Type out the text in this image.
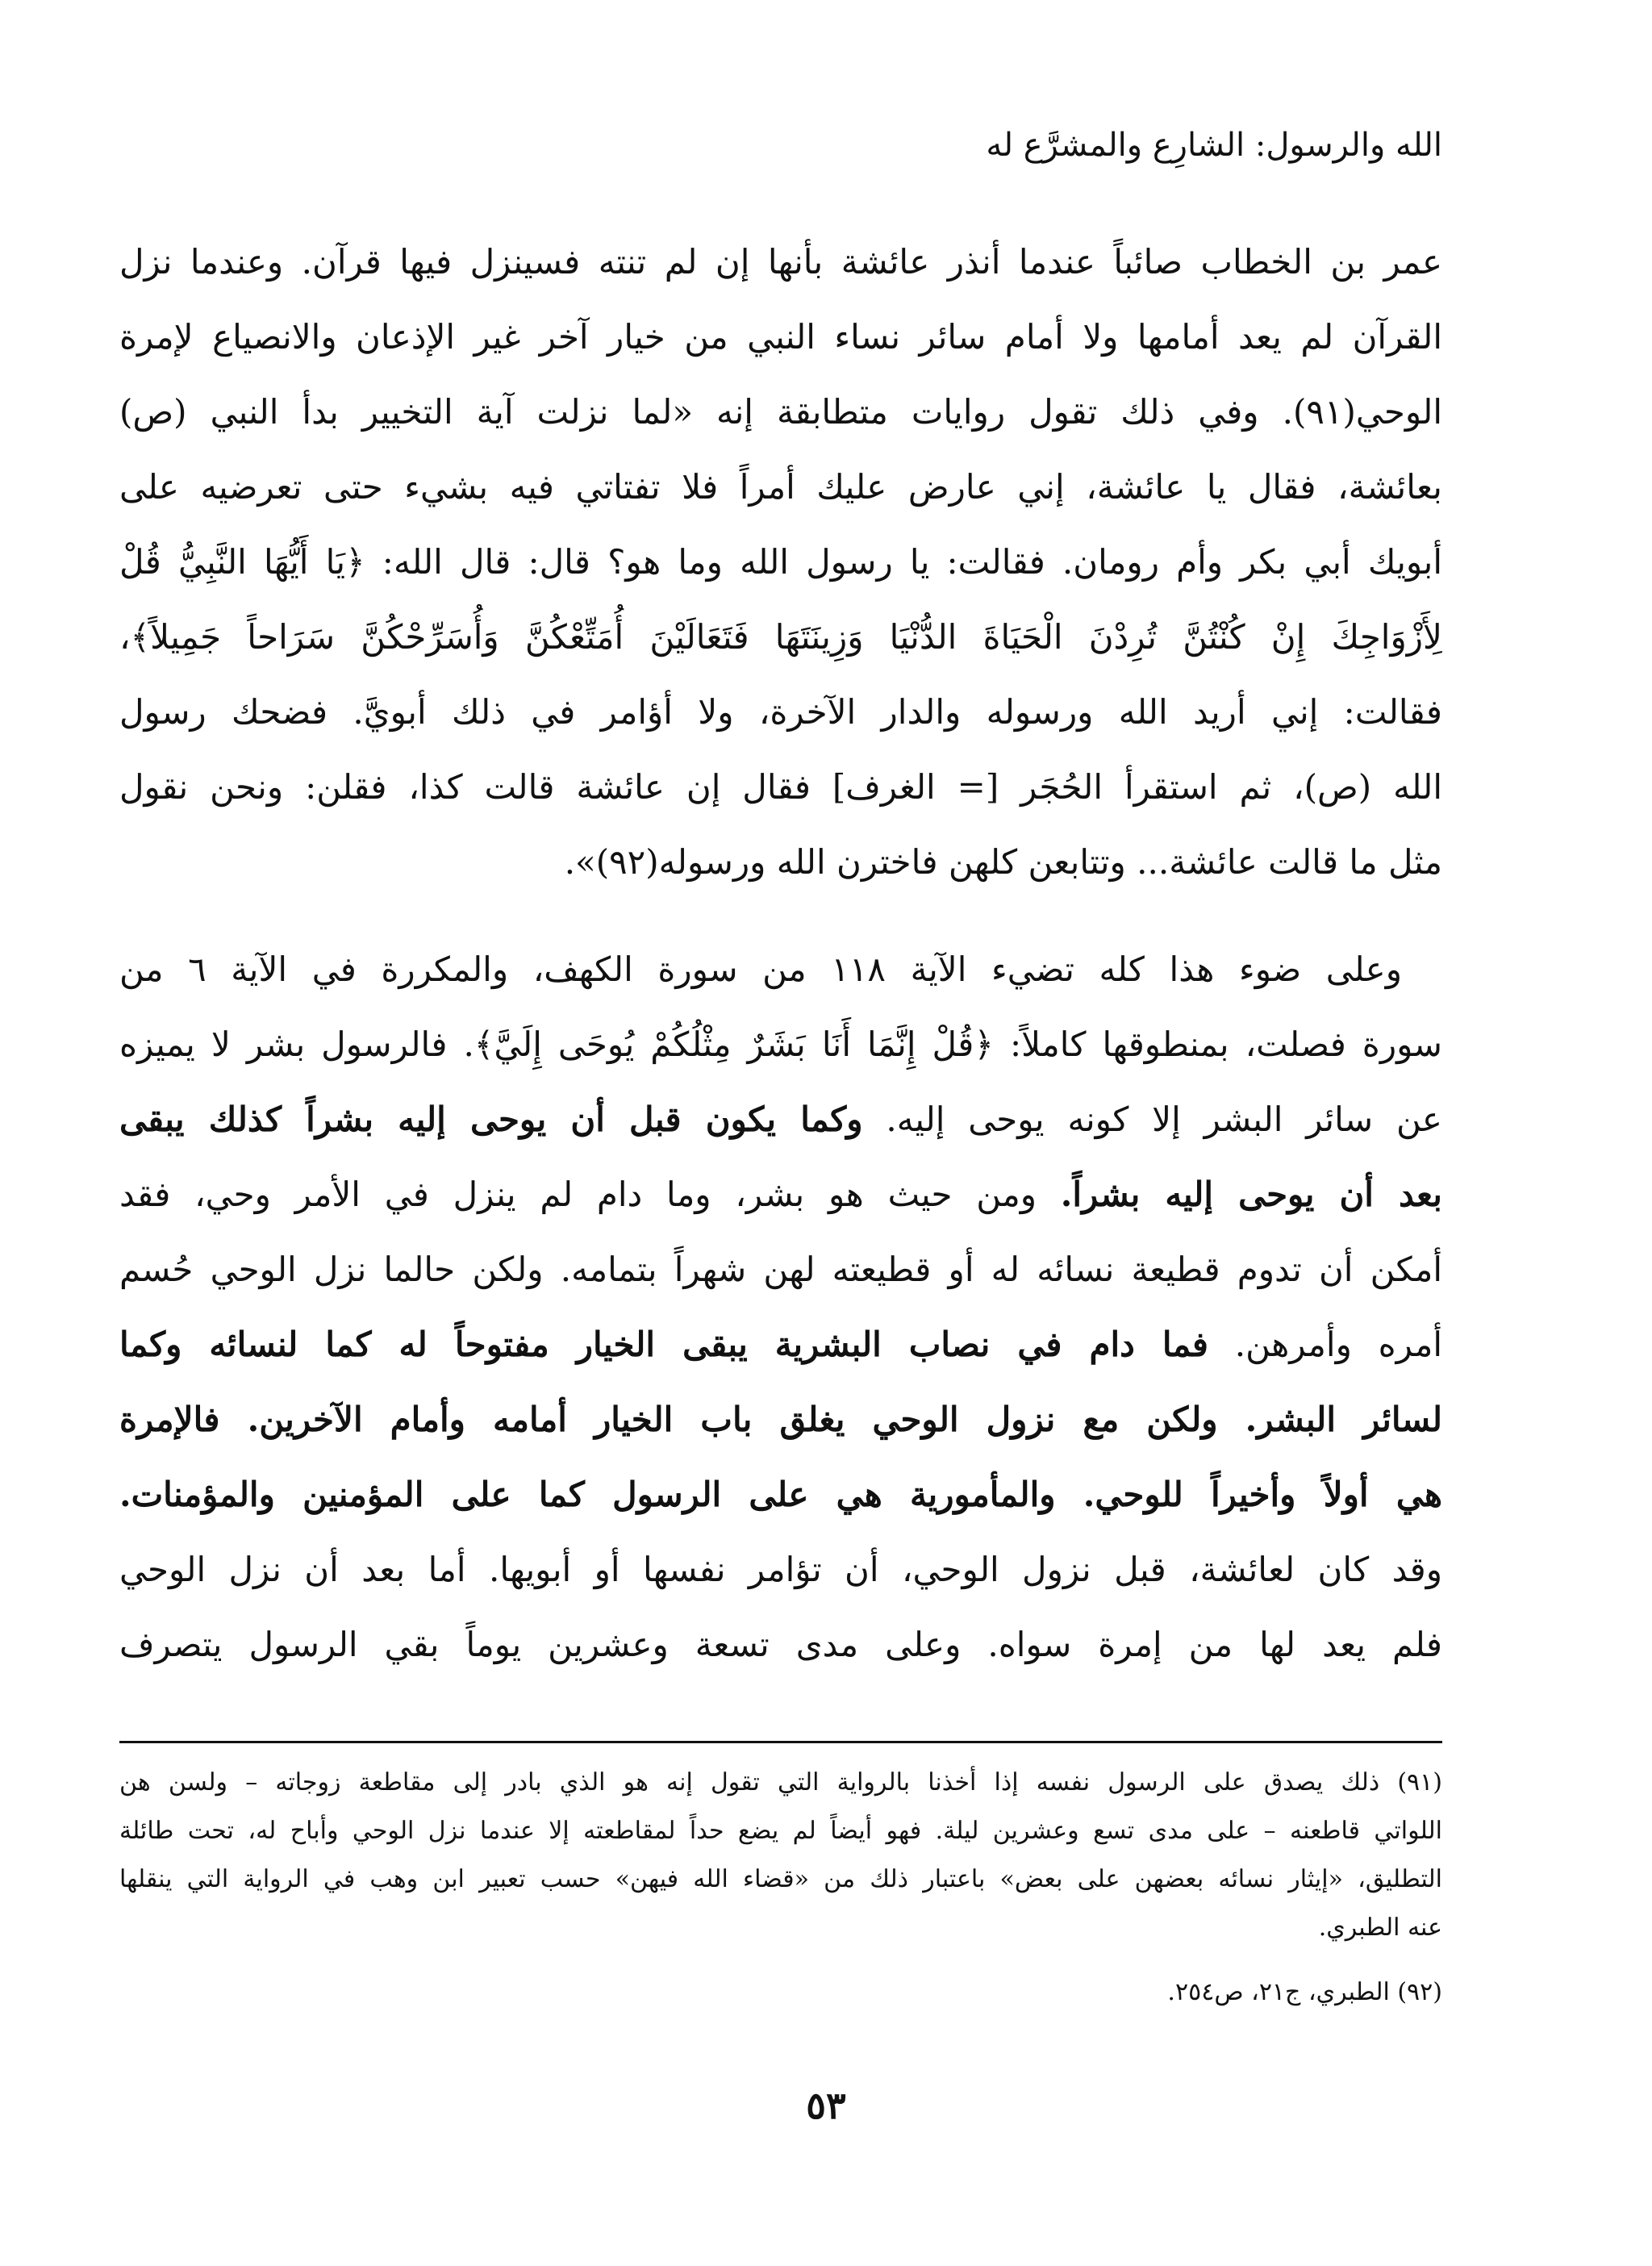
الله والرسول: الشارِع والمشرَّع له
عمر بن الخطاب صائباً عندما أنذر عائشة بأنها إن لم تنته فسينزل فيها قرآن. وعندما نزل
القرآن لم يعد أمامها ولا أمام سائر نساء النبي من خيار آخر غير الإذعان والانصياع لإمرة
الوحي(٩١). وفي ذلك تقول روايات متطابقة إنه «لما نزلت آية التخيير بدأ النبي (ص)
بعائشة، فقال يا عائشة، إني عارض عليك أمراً فلا تفتاتي فيه بشيء حتى تعرضيه على
أبويك أبي بكر وأم رومان. فقالت: يا رسول الله وما هو؟ قال: قال الله: ﴿يَا أَيُّهَا النَّبِيُّ قُلْ
لِأَزْوَاجِكَ إِنْ كُنْتُنَّ تُرِدْنَ الْحَيَاةَ الدُّنْيَا وَزِينَتَهَا فَتَعَالَيْنَ أُمَتِّعْكُنَّ وَأُسَرِّحْكُنَّ سَرَاحاً جَمِيلاً﴾،
فقالت: إني أريد الله ورسوله والدار الآخرة، ولا أؤامر في ذلك أبويَّ. فضحك رسول
الله (ص)، ثم استقرأ الحُجَر [= الغرف] فقال إن عائشة قالت كذا، فقلن: ونحن نقول
مثل ما قالت عائشة... وتتابعن كلهن فاخترن الله ورسوله(٩٢)».
وعلى ضوء هذا كله تضيء الآية ١١٨ من سورة الكهف، والمكررة في الآية ٦ من
سورة فصلت، بمنطوقها كاملاً: ﴿قُلْ إِنَّمَا أَنَا بَشَرٌ مِثْلُكُمْ يُوحَى إِلَيَّ﴾. فالرسول بشر لا يميزه
عن سائر البشر إلا كونه يوحى إليه. وكما يكون قبل أن يوحى إليه بشراً كذلك يبقى
بعد أن يوحى إليه بشراً. ومن حيث هو بشر، وما دام لم ينزل في الأمر وحي، فقد
أمكن أن تدوم قطيعة نسائه له أو قطيعته لهن شهراً بتمامه. ولكن حالما نزل الوحي حُسم
أمره وأمرهن. فما دام في نصاب البشرية يبقى الخيار مفتوحاً له كما لنسائه وكما
لسائر البشر. ولكن مع نزول الوحي يغلق باب الخيار أمامه وأمام الآخرين. فالإمرة
هي أولاً وأخيراً للوحي. والمأمورية هي على الرسول كما على المؤمنين والمؤمنات.
وقد كان لعائشة، قبل نزول الوحي، أن تؤامر نفسها أو أبويها. أما بعد أن نزل الوحي
فلم يعد لها من إمرة سواه. وعلى مدى تسعة وعشرين يوماً بقي الرسول يتصرف
(٩١) ذلك يصدق على الرسول نفسه إذا أخذنا بالرواية التي تقول إنه هو الذي بادر إلى مقاطعة زوجاته – ولسن هن
اللواتي قاطعنه – على مدى تسع وعشرين ليلة. فهو أيضاً لم يضع حداً لمقاطعته إلا عندما نزل الوحي وأباح له، تحت طائلة
التطليق، «إيثار نسائه بعضهن على بعض» باعتبار ذلك من «قضاء الله فيهن» حسب تعبير ابن وهب في الرواية التي ينقلها
عنه الطبري.
(٩٢) الطبري، ج٢١، ص٢٥٤.
٥٣
